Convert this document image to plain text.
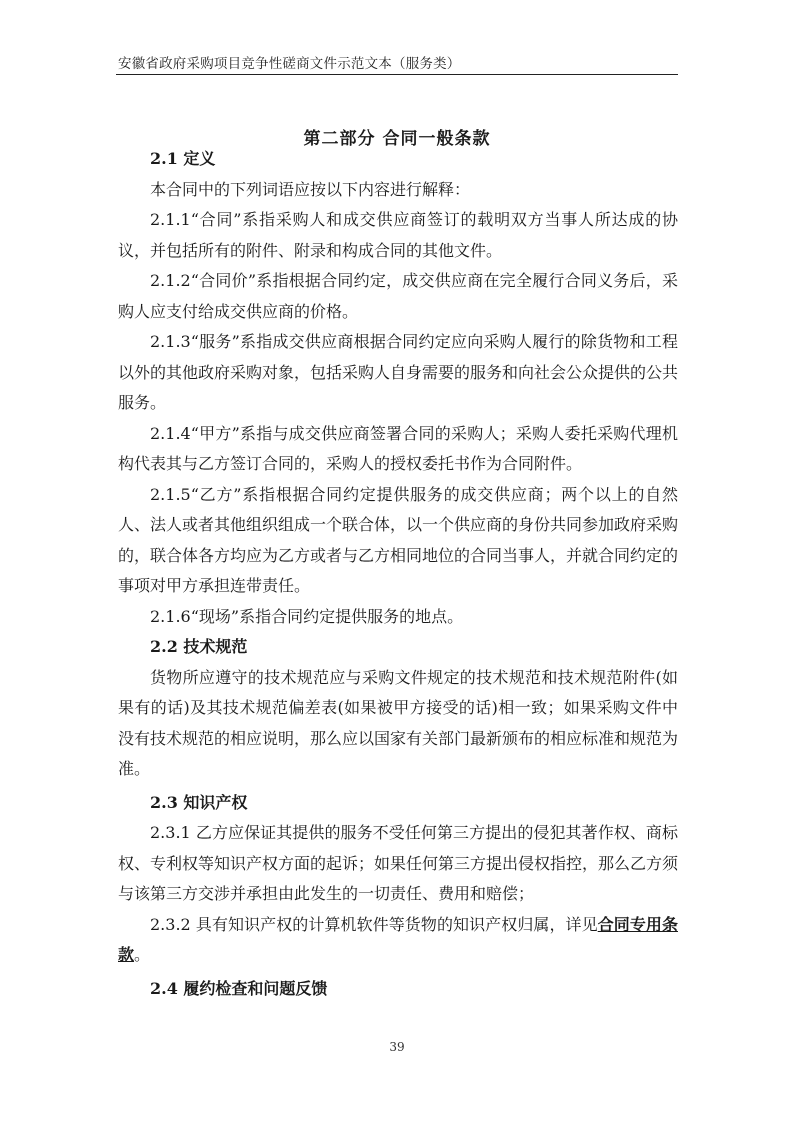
安徽省政府采购项目竞争性磋商文件示范文本（服务类）
第二部分 合同一般条款

2.1 定义

本合同中的下列词语应按以下内容进行解释：

2.1.1“合同”系指采购人和成交供应商签订的载明双方当事人所达成的协议，并包括所有的附件、附录和构成合同的其他文件。

2.1.2“合同价”系指根据合同约定，成交供应商在完全履行合同义务后，采购人应支付给成交供应商的价格。

2.1.3“服务”系指成交供应商根据合同约定应向采购人履行的除货物和工程以外的其他政府采购对象，包括采购人自身需要的服务和向社会公众提供的公共服务。

2.1.4“甲方”系指与成交供应商签署合同的采购人；采购人委托采购代理机构代表其与乙方签订合同的，采购人的授权委托书作为合同附件。

2.1.5“乙方”系指根据合同约定提供服务的成交供应商；两个以上的自然人、法人或者其他组织组成一个联合体，以一个供应商的身份共同参加政府采购的，联合体各方均应为乙方或者与乙方相同地位的合同当事人，并就合同约定的事项对甲方承担连带责任。

2.1.6“现场”系指合同约定提供服务的地点。

2.2 技术规范

货物所应遵守的技术规范应与采购文件规定的技术规范和技术规范附件(如果有的话)及其技术规范偏差表(如果被甲方接受的话)相一致；如果采购文件中没有技术规范的相应说明，那么应以国家有关部门最新颁布的相应标准和规范为准。

2.3 知识产权

2.3.1 乙方应保证其提供的服务不受任何第三方提出的侵犯其著作权、商标权、专利权等知识产权方面的起诉；如果任何第三方提出侵权指控，那么乙方须与该第三方交涉并承担由此发生的一切责任、费用和赔偿；

2.3.2 具有知识产权的计算机软件等货物的知识产权归属，详见合同专用条款。

2.4 履约检查和问题反馈

39
